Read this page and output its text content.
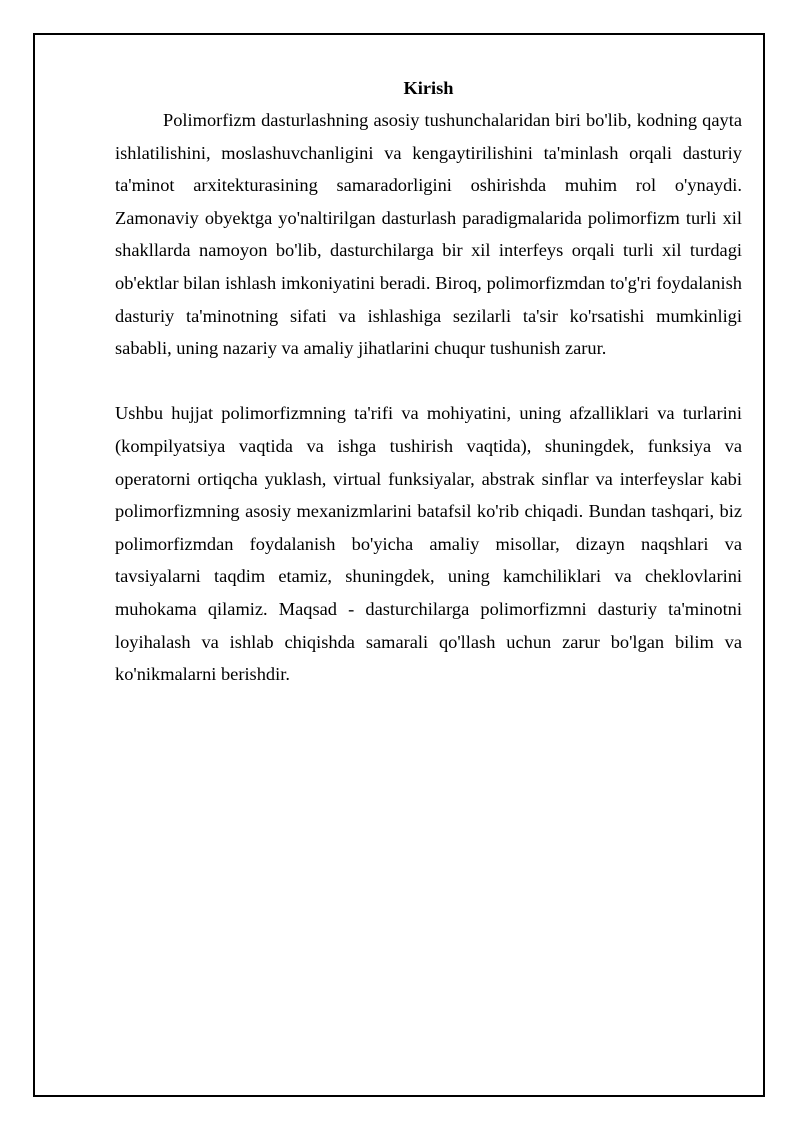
Kirish

Polimorfizm dasturlashning asosiy tushunchalaridan biri bo'lib, kodning qayta ishlatilishini, moslashuvchanligini va kengaytirilishini ta'minlash orqali dasturiy ta'minot arxitekturasining samaradorligini oshirishda muhim rol o'ynaydi. Zamonaviy obyektga yo'naltirilgan dasturlash paradigmalarida polimorfizm turli xil shakllarda namoyon bo'lib, dasturchilarga bir xil interfeys orqali turli xil turdagi ob'ektlar bilan ishlash imkoniyatini beradi. Biroq, polimorfizmdan to'g'ri foydalanish dasturiy ta'minotning sifati va ishlashiga sezilarli ta'sir ko'rsatishi mumkinligi sababli, uning nazariy va amaliy jihatlarini chuqur tushunish zarur.

Ushbu hujjat polimorfizmning ta'rifi va mohiyatini, uning afzalliklari va turlarini (kompilyatsiya vaqtida va ishga tushirish vaqtida), shuningdek, funksiya va operatorni ortiqcha yuklash, virtual funksiyalar, abstrak sinflar va interfeyslar kabi polimorfizmning asosiy mexanizmlarini batafsil ko'rib chiqadi. Bundan tashqari, biz polimorfizmdan foydalanish bo'yicha amaliy misollar, dizayn naqshlari va tavsiyalarni taqdim etamiz, shuningdek, uning kamchiliklari va cheklovlarini muhokama qilamiz. Maqsad - dasturchilarga polimorfizmni dasturiy ta'minotni loyihalash va ishlab chiqishda samarali qo'llash uchun zarur bo'lgan bilim va ko'nikmalarni berishdir.
